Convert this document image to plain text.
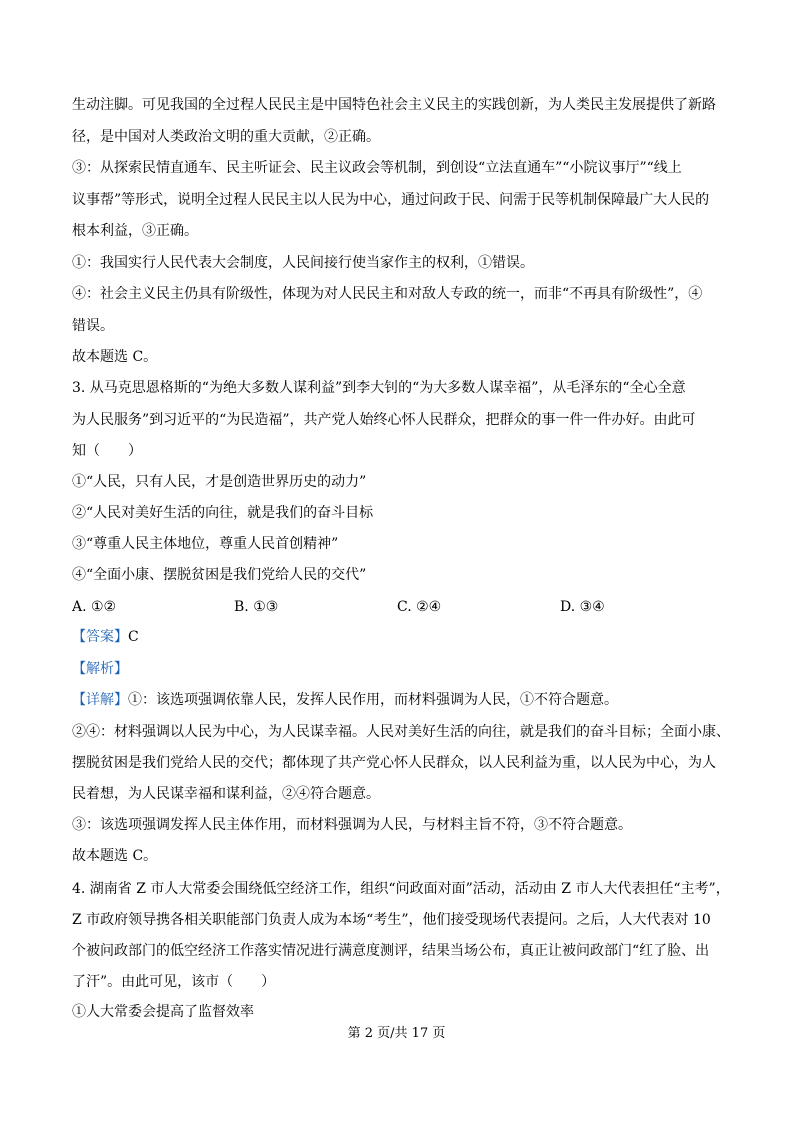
生动注脚。可见我国的全过程人民民主是中国特色社会主义民主的实践创新，为人类民主发展提供了新路
径，是中国对人类政治文明的重大贡献，②正确。
③：从探索民情直通车、民主听证会、民主议政会等机制，到创设“立法直通车”“小院议事厅”“线上
议事帮”等形式，说明全过程人民民主以人民为中心，通过问政于民、问需于民等机制保障最广大人民的
根本利益，③正确。
①：我国实行人民代表大会制度，人民间接行使当家作主的权利，①错误。
④：社会主义民主仍具有阶级性，体现为对人民民主和对敌人专政的统一，而非“不再具有阶级性”，④
错误。
故本题选 C。
3. 从马克思恩格斯的“为绝大多数人谋利益”到李大钊的“为大多数人谋幸福”，从毛泽东的“全心全意
为人民服务”到习近平的“为民造福”，共产党人始终心怀人民群众，把群众的事一件一件办好。由此可
知（　　）
①“人民，只有人民，才是创造世界历史的动力”
②“人民对美好生活的向往，就是我们的奋斗目标
③“尊重人民主体地位，尊重人民首创精神”
④“全面小康、摆脱贫困是我们党给人民的交代”
A. ①②	B. ①③	C. ②④	D. ③④
【答案】C
【解析】
【详解】①：该选项强调依靠人民，发挥人民作用，而材料强调为人民，①不符合题意。
②④：材料强调以人民为中心，为人民谋幸福。人民对美好生活的向往，就是我们的奋斗目标；全面小康、
摆脱贫困是我们党给人民的交代；都体现了共产党心怀人民群众，以人民利益为重，以人民为中心，为人
民着想，为人民谋幸福和谋利益，②④符合题意。
③：该选项强调发挥人民主体作用，而材料强调为人民，与材料主旨不符，③不符合题意。
故本题选 C。
4. 湖南省 Z 市人大常委会围绕低空经济工作，组织“问政面对面”活动，活动由 Z 市人大代表担任“主考”，
Z 市政府领导携各相关职能部门负责人成为本场“考生”，他们接受现场代表提问。之后，人大代表对 10
个被问政部门的低空经济工作落实情况进行满意度测评，结果当场公布，真正让被问政部门“红了脸、出
了汗”。由此可见，该市（　　）
①人大常委会提高了监督效率
第 2 页/共 17 页
